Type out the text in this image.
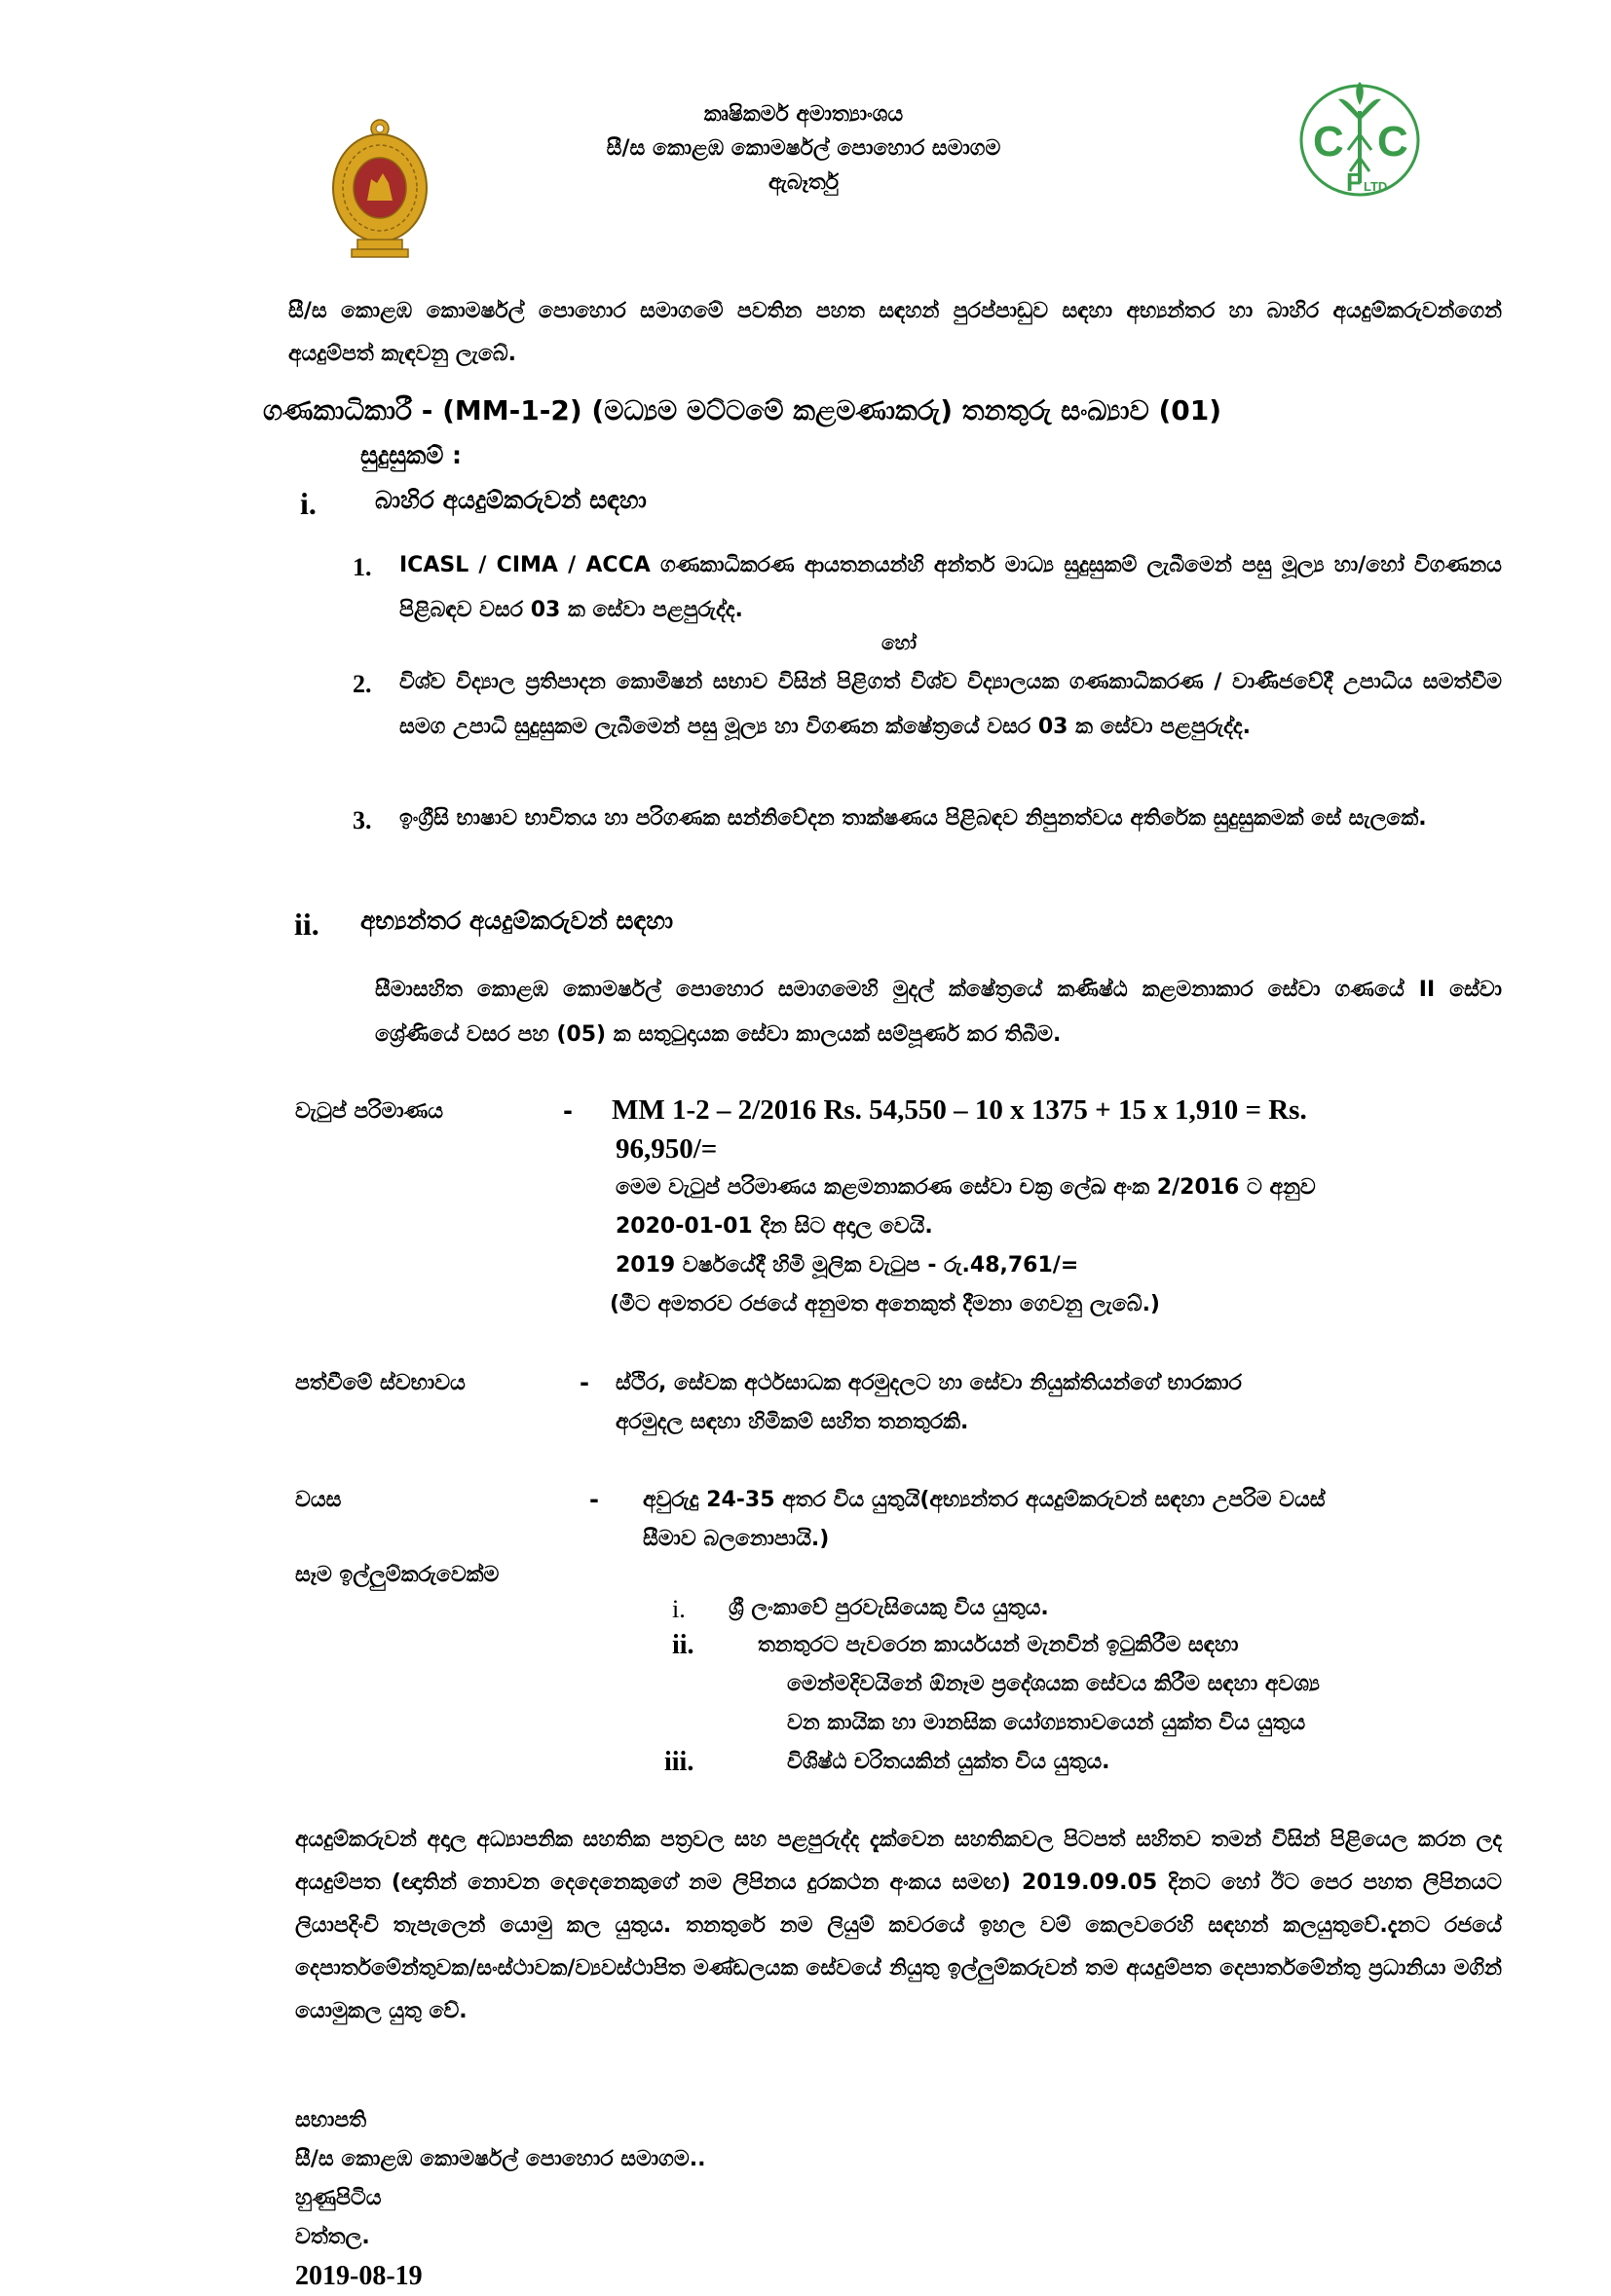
කෘෂිකර්ම අමාත්‍යාංශය
සී/ස කොළඹ කොමර්ෂල් පොහොර සමාගම
ඇබෑර්තු
C C
F LTD

සී/ස කොළඹ කොමර්ෂල් පොහොර සමාගමේ පවතින පහත සඳහන් පුරප්පාඩුව සඳහා අභ්‍යන්තර හා බාහිර අයදුම්කරුවන්ගෙන් අයදුම්පත් කැඳවනු ලැබේ.

ගණකාධිකාරී - (MM-1-2) (මධ්‍යම මට්ටමේ කළමණාකරු) තනතුරු සංඛ්‍යාව (01)
සුදුසුකම් :
i. බාහිර අයදුම්කරුවන් සඳහා
1. ICASL / CIMA / ACCA ගණකාධිකරණ ආයතනයන්හි අන්තර් මාධ්‍ය සුදුසුකම් ලැබීමෙන් පසු මූල්‍ය හා/හෝ විගණනය පිළිබඳව වසර 03 ක සේවා පළපුරුද්ද.

හෝ
2. විශ්ව විද්‍යාල ප්‍රතිපාදන කොමිෂන් සභාව විසින් පිළිගත් විශ්ව විද්‍යාලයක ගණකාධිකරණ / වාණිජවේදී උපාධිය සමත්වීම සමග උපාධි සුදුසුකම ලැබීමෙන් පසු මූල්‍ය හා විගණන ක්ෂේත්‍රයේ වසර 03 ක සේවා පළපුරුද්ද.

3. ඉංග්‍රීසි භාෂාව භාවිතය හා පරිගණක සන්නිවේදන තාක්ෂණය පිළිබඳව නිපුනත්වය අතිරේක සුදුසුකමක් සේ සැලකේ.

ii. අභ්‍යන්තර අයදුම්කරුවන් සඳහා

සීමාසහිත කොළඹ කොමර්ෂල් පොහොර සමාගමෙහි මුදල් ක්ෂේත්‍රයේ කණිෂ්ඨ කළමනාකාර සේවා ගණයේ II සේවා ශ්‍රේණියේ වසර පහ (05) ක සතුටුදායක සේවා කාලයක් සම්පූර්ණ කර තිබීම.

වැටුප් පරිමාණය	- MM 1-2 – 2/2016 Rs. 54,550 – 10 x 1375 + 15 x 1,910 = Rs.
96,950/=
මෙම වැටුප් පරිමාණය කළමනාකරණ සේවා චක්‍ර ලේඛ අංක 2/2016 ට අනුව
2020-01-01 දින සිට අදාල වෙයි.
2019 වර්ෂයේදී හිමි මූලික වැටුප - රු.48,761/=
(මීට අමතරව රජයේ අනුමත අනෙකුත් දීමනා ගෙවනු ලැබේ.)
පත්වීමේ ස්වභාවය	- ස්ථිර, සේවක අර්ථසාධක අරමුදලට හා සේවා නියුක්තියන්ගේ භාරකාර
අරමුදල සඳහා හිමිකම් සහිත තනතුරකි.
වයස	- අවුරුදු 24-35 අතර විය යුතුයි(අභ්‍යන්තර අයදුම්කරුවන් සඳහා උපරිම වයස්
සීමාව බලනොපායි.)
සෑම ඉල්ලුම්කරුවෙක්ම
i. ශ්‍රී ලංකාවේ පුරවැසියෙකු විය යුතුය.
ii.	තනතුරට පැවරෙන කාර්යයන් මැනවින් ඉටුකිරීම සඳහා
මෙන්මදිවයිනේ ඕනෑම ප්‍රදේශයක සේවය කිරීම සඳහා අවශ්‍ය
වන කායික හා මානසික යෝග්‍යතාවයෙන් යුක්ත විය යුතුය
iii.	විශිෂ්ඨ චරිතයකින් යුක්ත විය යුතුය.

අයදුම්කරුවන් අදාල අධ්‍යාපනික සහතික පත්‍රවල සහ පළපුරුද්ද දැක්වෙන සහතිකවල පිටපත් සහිතව තමන් විසින් පිළියෙල කරන ලද අයදුම්පත (ඥාතින් නොවන දෙදෙනෙකුගේ නම ලිපිනය දුරකථන අංකය සමඟ) 2019.09.05 දිනට හෝ ඊට පෙර පහත ලිපිනයට ලියාපදිංචි තැපැලෙන් යොමු කල යුතුය. තනතුරේ නම ලියුම් කවරයේ ඉහල වම් කෙලවරෙහි සඳහන් කලයුතුවේ.දැනට රජයේ දෙපාර්තමේන්තුවක/සංස්ථාවක/ව්‍යවස්ථාපිත මණ්ඩලයක සේවයේ නියුතු ඉල්ලුම්කරුවන් තම අයදුම්පත දෙපාර්තමේන්තු ප්‍රධානියා මගින් යොමුකල යුතු වේ.

සභාපති
සී/ස කොළඹ කොමර්ෂල් පොහොර සමාගම..
හුණුපිටිය
වත්තල.
2019-08-19
